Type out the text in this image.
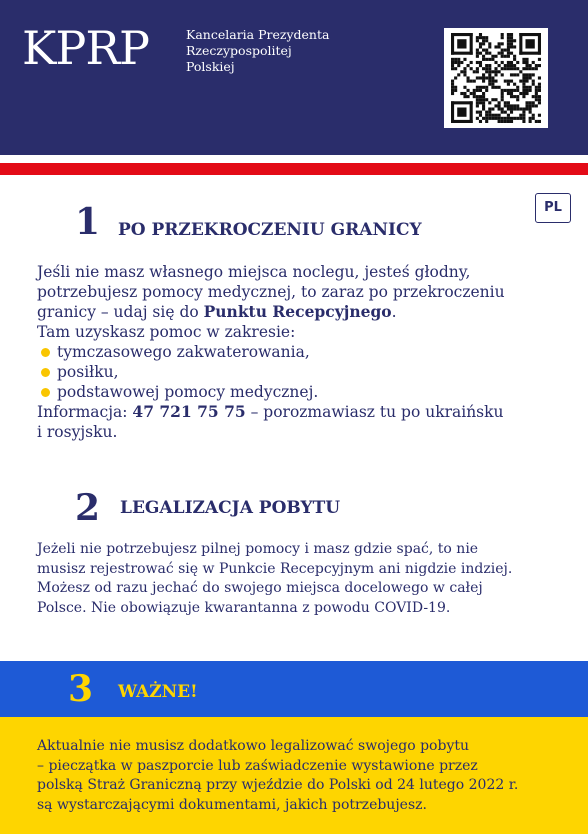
KPRP	Kancelaria Prezydenta
Rzeczypospolitej
Polskiej
PL
1 PO PRZEKROCZENIU GRANICY

Jeśli nie masz własnego miejsca noclegu, jesteś głodny,

potrzebujesz pomocy medycznej, to zaraz po przekroczeniu

granicy – udaj się do Punktu Recepcyjnego.

Tam uzyskasz pomoc w zakresie:

tymczasowego zakwaterowania,
posiłku,
podstawowej pomocy medycznej.

Informacja: 47 721 75 75 – porozmawiasz tu po ukraińsku

i rosyjsku.

2 LEGALIZACJA POBYTU
Jeżeli nie potrzebujesz pilnej pomocy i masz gdzie spać, to nie
musisz rejestrować się w Punkcie Recepcyjnym ani nigdzie indziej.
Możesz od razu jechać do swojego miejsca docelowego w całej
Polsce. Nie obowiązuje kwarantanna z powodu COVID-19.
3 WAŻNE!
Aktualnie nie musisz dodatkowo legalizować swojego pobytu
– pieczątka w paszporcie lub zaświadczenie wystawione przez
polską Straż Graniczną przy wjeździe do Polski od 24 lutego 2022 r.
są wystarczającymi dokumentami, jakich potrzebujesz.
